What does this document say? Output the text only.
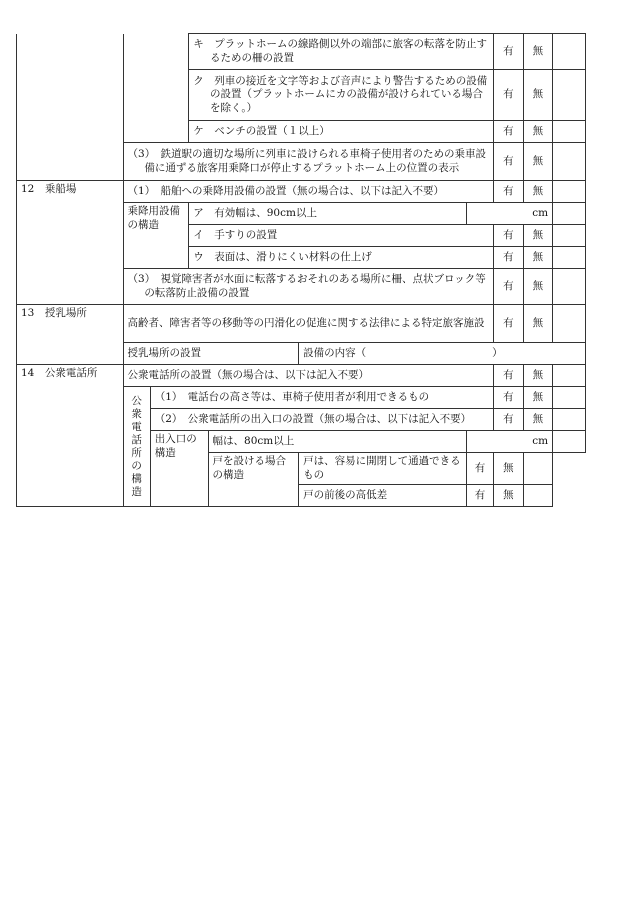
			キ　プラットホームの線路側以外の端部に旅客の転落を防止するための柵の設置				有	無	

			ク　列車の接近を文字等および音声により警告するための設備の設置（プラットホームにカの設備が設けられている場合を除く。）				有	無	
			ケ　ベンチの設置（１以上）				有	無	

	（3）　鉄道駅の適切な場所に列車に設けられる車椅子使用者のための乗車設備に通ずる旅客用乗降口が停止するプラットホーム上の位置の表示						有	無	
12　乗船場	（1）　船舶への乗降用設備の設置（無の場合は、以下は記入不要）						有	無	
	乗降用設備の構造		ア　有効幅は、90cm以上			cm			
			イ　手すりの設置				有	無	
			ウ　表面は、滑りにくい材料の仕上げ				有	無	

	（3）　視覚障害者が水面に転落するおそれのある場所に柵、点状ブロック等の転落防止設備の設置						有	無	
13　授乳場所	高齢者、障害者等の移動等の円滑化の促進に関する法律による特定旅客施設						有	無	
	授乳場所の設置				設備の内容（　　　　　　　　　　　　）				
14　公衆電話所	公衆電話所の設置（無の場合は、以下は記入不要）						有	無	

	公衆電話所の構造	（1）　電話台の高さ等は、車椅子使用者が利用できるもの					有	無	
		（2）　公衆電話所の出入口の設置（無の場合は、以下は記入不要）					有	無	
		出入口の構造		幅は、80cm以上		cm			
				戸を設ける場合の構造	戸は、容易に開閉して通過できるもの	有	無		
					戸の前後の高低差	有	無		
